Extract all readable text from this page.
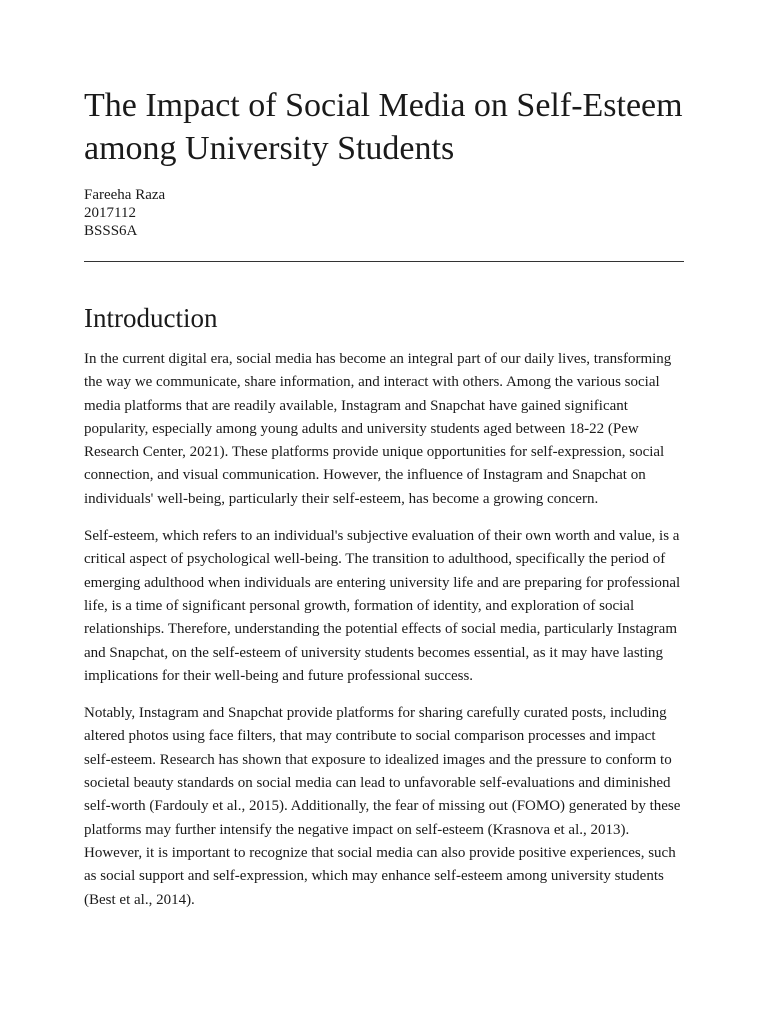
The Impact of Social Media on Self-Esteem among University Students
Fareeha Raza
2017112
BSSS6A
Introduction

In the current digital era, social media has become an integral part of our daily lives, transforming the way we communicate, share information, and interact with others. Among the various social media platforms that are readily available, Instagram and Snapchat have gained significant popularity, especially among young adults and university students aged between 18-22 (Pew Research Center, 2021). These platforms provide unique opportunities for self-expression, social connection, and visual communication. However, the influence of Instagram and Snapchat on individuals' well-being, particularly their self-esteem, has become a growing concern.

Self-esteem, which refers to an individual's subjective evaluation of their own worth and value, is a critical aspect of psychological well-being. The transition to adulthood, specifically the period of emerging adulthood when individuals are entering university life and are preparing for professional life, is a time of significant personal growth, formation of identity, and exploration of social relationships. Therefore, understanding the potential effects of social media, particularly Instagram and Snapchat, on the self-esteem of university students becomes essential, as it may have lasting implications for their well-being and future professional success.

Notably, Instagram and Snapchat provide platforms for sharing carefully curated posts, including altered photos using face filters, that may contribute to social comparison processes and impact self-esteem. Research has shown that exposure to idealized images and the pressure to conform to societal beauty standards on social media can lead to unfavorable self-evaluations and diminished self-worth (Fardouly et al., 2015). Additionally, the fear of missing out (FOMO) generated by these platforms may further intensify the negative impact on self-esteem (Krasnova et al., 2013). However, it is important to recognize that social media can also provide positive experiences, such as social support and self-expression, which may enhance self-esteem among university students (Best et al., 2014).
